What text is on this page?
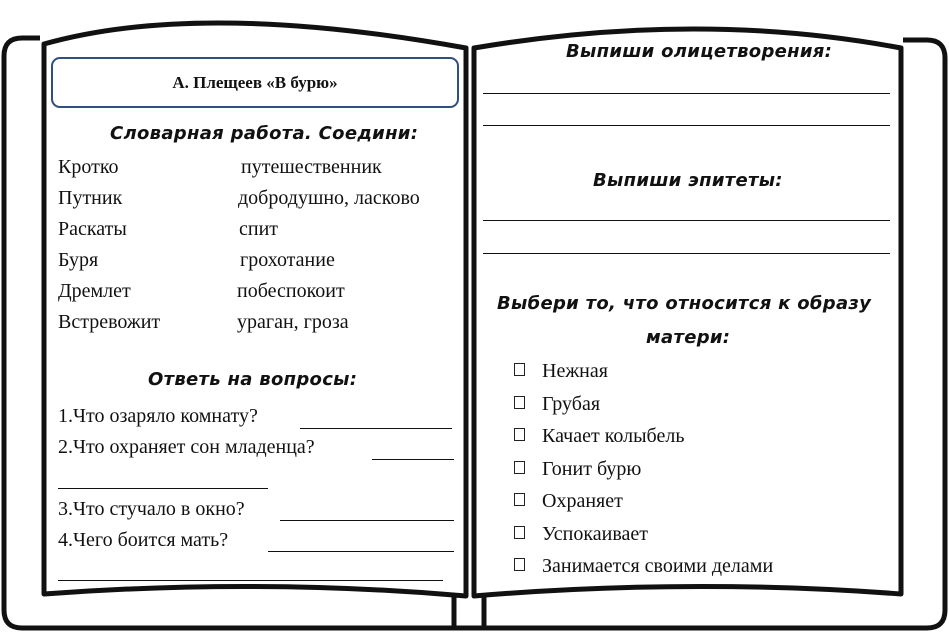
А. Плещеев «В бурю»
Словарная работа. Соедини:
Кротко
Путник
Раскаты
Буря
Дремлет
Встревожит
путешественник
добродушно, ласково
спит
грохотание
побеспокоит
ураган, гроза
Ответь на вопросы:
1.Что озаряло комнату?
2.Что охраняет сон младенца?
3.Что стучало в окно?
4.Чего боится мать?
Выпиши олицетворения:
Выпиши эпитеты:
Выбери то, что относится к образу
матери:
Нежная
Грубая
Качает колыбель
Гонит бурю
Охраняет
Успокаивает
Занимается своими делами
